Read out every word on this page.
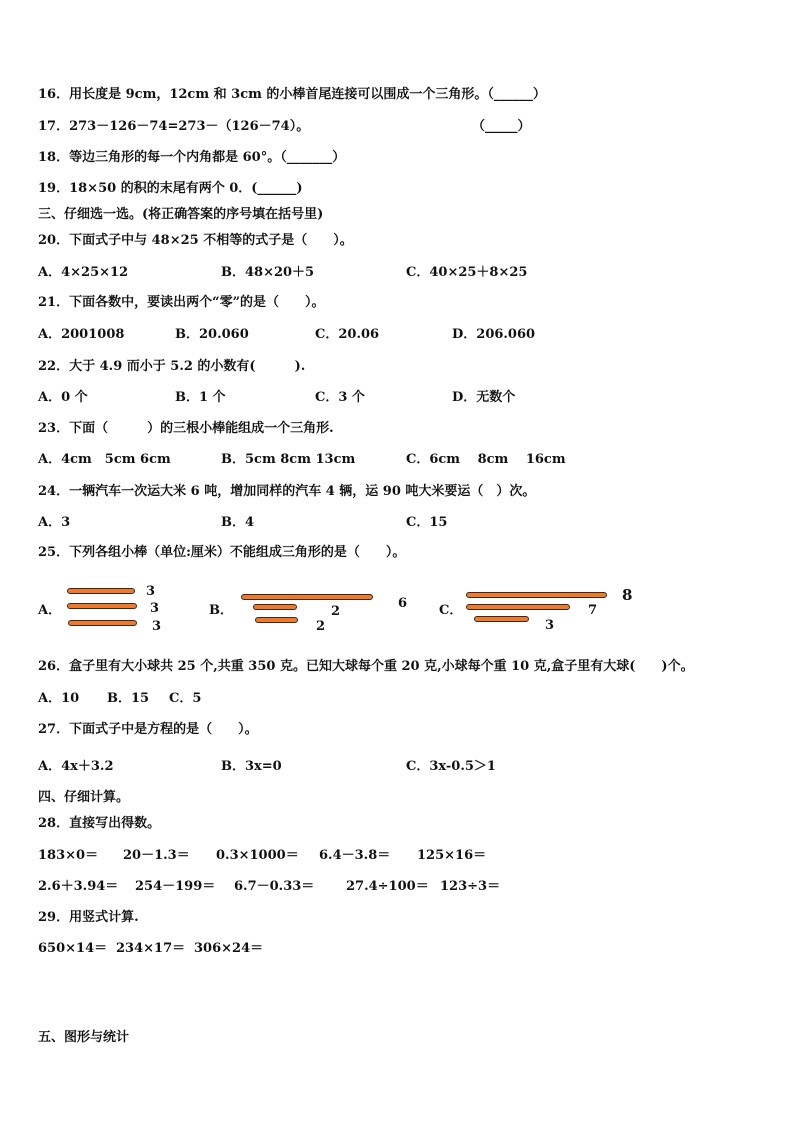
16．用长度是 9cm，12cm 和 3cm 的小棒首尾连接可以围成一个三角形。（______）
17．273－126－74=273－（126－74）。	（_____）
18．等边三角形的每一个内角都是 60°。（_______）
19．18×50 的积的末尾有两个 0．(______)
三、仔细选一选。(将正确答案的序号填在括号里)
20．下面式子中与 48×25 不相等的式子是（　　）。
A．4×25×12	B．48×20＋5	C．40×25＋8×25
21．下面各数中，要读出两个“零”的是（　　）。
A．2001008	B．20.060	C．20.06	D．206.060
22．大于 4.9 而小于 5.2 的小数有(　　　).
A．0 个	B．1 个	C．3 个	D．无数个
23．下面（　　　）的三根小棒能组成一个三角形.
A．4cm　5cm 6cm	B．5cm 8cm 13cm	C．6cm　 8cm　 16cm
24．一辆汽车一次运大米 6 吨，增加同样的汽车 4 辆，运 90 吨大米要运（　）次。
A．3	B．4	C．15
25．下列各组小棒（单位:厘米）不能组成三角形的是（　　）。
A．
3
3
3
B．	6
2
2
C．
8
7
3
26．盒子里有大小球共 25 个,共重 350 克。已知大球每个重 20 克,小球每个重 10 克,盒子里有大球(　　)个。
A．10 B．15 C．5
27．下面式子中是方程的是（　　）。
A．4x＋3.2	B．3x=0	C．3x-0.5＞1
四、仔细计算。
28．直接写出得数。
183×0＝ 20－1.3＝ 0.3×1000＝ 6.4－3.8＝ 125×16＝
2.6＋3.94＝ 254－199＝ 6.7－0.33＝ 27.4÷100＝ 123÷3＝
29．用竖式计算.
650×14＝ 234×17＝ 306×24＝
五、图形与统计
